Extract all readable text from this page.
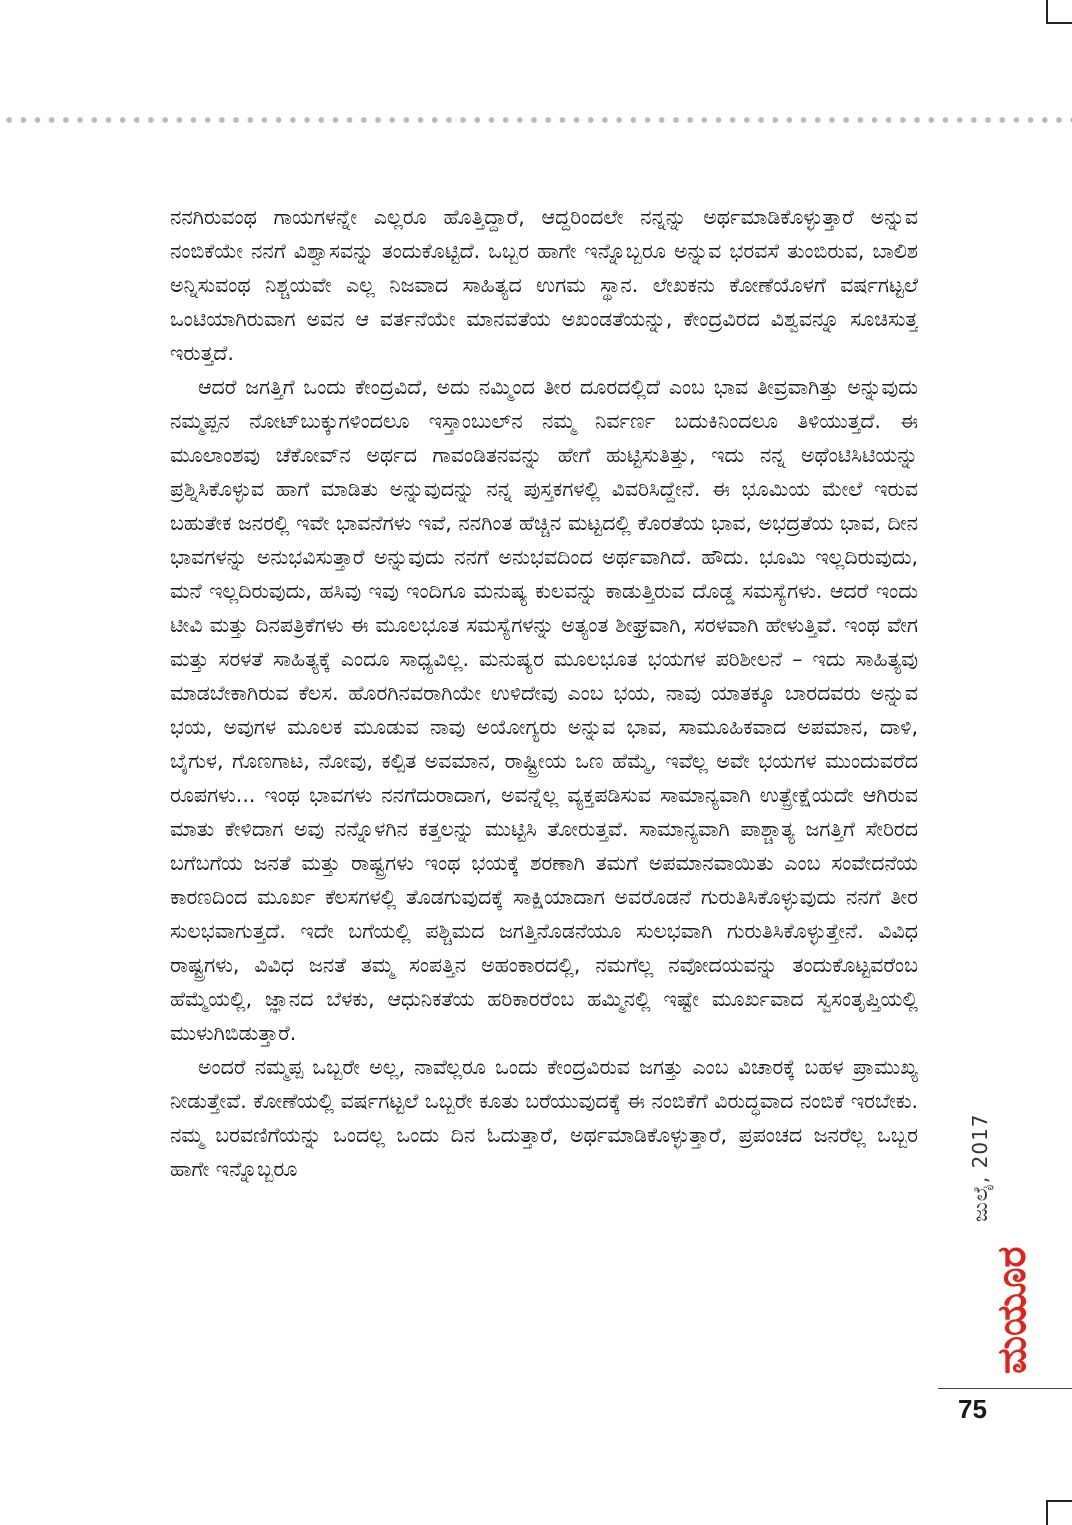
ನನಗಿರುವಂಥ ಗಾಯಗಳನ್ನೇ ಎಲ್ಲರೂ ಹೊತ್ತಿದ್ದಾರೆ, ಆದ್ದರಿಂದಲೇ ನನ್ನನ್ನು ಅರ್ಥಮಾಡಿಕೊಳ್ಳುತ್ತಾರೆ ಅನ್ನುವ ನಂಬಿಕೆಯೇ ನನಗೆ ವಿಶ್ವಾಸವನ್ನು ತಂದುಕೊಟ್ಟಿದೆ. ಒಬ್ಬರ ಹಾಗೇ ಇನ್ನೊಬ್ಬರೂ ಅನ್ನುವ ಭರವಸೆ ತುಂಬಿರುವ, ಬಾಲಿಶ ಅನ್ನಿಸುವಂಥ ನಿಶ್ಚಯವೇ ಎಲ್ಲ ನಿಜವಾದ ಸಾಹಿತ್ಯದ ಉಗಮ ಸ್ಥಾನ. ಲೇಖಕನು ಕೋಣೆಯೊಳಗೆ ವರ್ಷಗಟ್ಟಲೆ ಒಂಟಿಯಾಗಿರುವಾಗ ಅವನ ಆ ವರ್ತನೆಯೇ ಮಾನವತೆಯ ಅಖಂಡತೆಯನ್ನು, ಕೇಂದ್ರವಿರದ ವಿಶ್ವವನ್ನೂ ಸೂಚಿಸುತ್ತ ಇರುತ್ತದೆ.

ಆದರೆ ಜಗತ್ತಿಗೆ ಒಂದು ಕೇಂದ್ರವಿದೆ, ಅದು ನಮ್ಮಿಂದ ತೀರ ದೂರದಲ್ಲಿದೆ ಎಂಬ ಭಾವ ತೀವ್ರವಾಗಿತ್ತು ಅನ್ನುವುದು ನಮ್ಮಪ್ಪನ ನೋಟ್‌ಬುಕ್ಕುಗಳಿಂದಲೂ ಇಸ್ತಾಂಬುಲ್‌ನ ನಮ್ಮ ನಿರ್ವರ್ಣ ಬದುಕಿನಿಂದಲೂ ತಿಳಿಯುತ್ತದೆ. ಈ ಮೂಲಾಂಶವು ಚೆಕೋವ್‌ನ ಅರ್ಥದ ಗಾವಂಡಿತನವನ್ನು ಹೇಗೆ ಹುಟ್ಟಿಸುತಿತ್ತು, ಇದು ನನ್ನ ಅಥೆಂಟಿಸಿಟಿಯನ್ನು ಪ್ರಶ್ನಿಸಿಕೊಳ್ಳುವ ಹಾಗೆ ಮಾಡಿತು ಅನ್ನುವುದನ್ನು ನನ್ನ ಪುಸ್ತಕಗಳಲ್ಲಿ ವಿವರಿಸಿದ್ದೇನೆ. ಈ ಭೂಮಿಯ ಮೇಲೆ ಇರುವ ಬಹುತೇಕ ಜನರಲ್ಲಿ ಇವೇ ಭಾವನೆಗಳು ಇವೆ, ನನಗಿಂತ ಹೆಚ್ಚಿನ ಮಟ್ಟದಲ್ಲಿ ಕೊರತೆಯ ಭಾವ, ಅಭದ್ರತೆಯ ಭಾವ, ದೀನ ಭಾವಗಳನ್ನು ಅನುಭವಿಸುತ್ತಾರೆ ಅನ್ನುವುದು ನನಗೆ ಅನುಭವದಿಂದ ಅರ್ಥವಾಗಿದೆ. ಹೌದು. ಭೂಮಿ ಇಲ್ಲದಿರುವುದು, ಮನೆ ಇಲ್ಲದಿರುವುದು, ಹಸಿವು ಇವು ಇಂದಿಗೂ ಮನುಷ್ಯ ಕುಲವನ್ನು ಕಾಡುತ್ತಿರುವ ದೊಡ್ಡ ಸಮಸ್ಯೆಗಳು. ಆದರೆ ಇಂದು ಟೀವಿ ಮತ್ತು ದಿನಪತ್ರಿಕೆಗಳು ಈ ಮೂಲಭೂತ ಸಮಸ್ಯೆಗಳನ್ನು ಅತ್ಯಂತ ಶೀಘ್ರವಾಗಿ, ಸರಳವಾಗಿ ಹೇಳುತ್ತಿವೆ. ಇಂಥ ವೇಗ ಮತ್ತು ಸರಳತೆ ಸಾಹಿತ್ಯಕ್ಕೆ ಎಂದೂ ಸಾಧ್ಯವಿಲ್ಲ. ಮನುಷ್ಯರ ಮೂಲಭೂತ ಭಯಗಳ ಪರಿಶೀಲನೆ – ಇದು ಸಾಹಿತ್ಯವು ಮಾಡಬೇಕಾಗಿರುವ ಕೆಲಸ. ಹೊರಗಿನವರಾಗಿಯೇ ಉಳಿದೇವು ಎಂಬ ಭಯ, ನಾವು ಯಾತಕ್ಕೂ ಬಾರದವರು ಅನ್ನುವ ಭಯ, ಅವುಗಳ ಮೂಲಕ ಮೂಡುವ ನಾವು ಅಯೋಗ್ಯರು ಅನ್ನುವ ಭಾವ, ಸಾಮೂಹಿಕವಾದ ಅಪಮಾನ, ದಾಳಿ, ಬೈಗುಳ, ಗೊಣಗಾಟ, ನೋವು, ಕಲ್ಪಿತ ಅವಮಾನ, ರಾಷ್ಟ್ರೀಯ ಒಣ ಹೆಮ್ಮೆ, ಇವೆಲ್ಲ ಅವೇ ಭಯಗಳ ಮುಂದುವರೆದ ರೂಪಗಳು... ಇಂಥ ಭಾವಗಳು ನನಗೆದುರಾದಾಗ, ಅವನ್ನೆಲ್ಲ ವ್ಯಕ್ತಪಡಿಸುವ ಸಾಮಾನ್ಯವಾಗಿ ಉತ್ಪ್ರೇಕ್ಷೆಯದೇ ಆಗಿರುವ ಮಾತು ಕೇಳಿದಾಗ ಅವು ನನ್ನೊಳಗಿನ ಕತ್ತಲನ್ನು ಮುಟ್ಟಿಸಿ ತೋರುತ್ತವೆ. ಸಾಮಾನ್ಯವಾಗಿ ಪಾಶ್ಚಾತ್ಯ ಜಗತ್ತಿಗೆ ಸೇರಿರದ ಬಗೆಬಗೆಯ ಜನತೆ ಮತ್ತು ರಾಷ್ಟ್ರಗಳು ಇಂಥ ಭಯಕ್ಕೆ ಶರಣಾಗಿ ತಮಗೆ ಅಪಮಾನವಾಯಿತು ಎಂಬ ಸಂವೇದನೆಯ ಕಾರಣದಿಂದ ಮೂರ್ಖ ಕೆಲಸಗಳಲ್ಲಿ ತೊಡಗುವುದಕ್ಕೆ ಸಾಕ್ಷಿಯಾದಾಗ ಅವರೊಡನೆ ಗುರುತಿಸಿಕೊಳ್ಳುವುದು ನನಗೆ ತೀರ ಸುಲಭವಾಗುತ್ತದೆ. ಇದೇ ಬಗೆಯಲ್ಲಿ ಪಶ್ಚಿಮದ ಜಗತ್ತಿನೊಡನೆಯೂ ಸುಲಭವಾಗಿ ಗುರುತಿಸಿಕೊಳ್ಳುತ್ತೇನೆ. ವಿವಿಧ ರಾಷ್ಟ್ರಗಳು, ವಿವಿಧ ಜನತೆ ತಮ್ಮ ಸಂಪತ್ತಿನ ಅಹಂಕಾರದಲ್ಲಿ, ನಮಗೆಲ್ಲ ನವೋದಯವನ್ನು ತಂದುಕೊಟ್ಟವರೆಂಬ ಹೆಮ್ಮೆಯಲ್ಲಿ, ಜ್ಞಾನದ ಬೆಳಕು, ಆಧುನಿಕತೆಯ ಹರಿಕಾರರೆಂಬ ಹಮ್ಮಿನಲ್ಲಿ ಇಷ್ಟೇ ಮೂರ್ಖವಾದ ಸ್ವಸಂತೃಪ್ತಿಯಲ್ಲಿ ಮುಳುಗಿಬಿಡುತ್ತಾರೆ.

ಅಂದರೆ ನಮ್ಮಪ್ಪ ಒಬ್ಬರೇ ಅಲ್ಲ, ನಾವೆಲ್ಲರೂ ಒಂದು ಕೇಂದ್ರವಿರುವ ಜಗತ್ತು ಎಂಬ ವಿಚಾರಕ್ಕೆ ಬಹಳ ಪ್ರಾಮುಖ್ಯ ನೀಡುತ್ತೇವೆ. ಕೋಣೆಯಲ್ಲಿ ವರ್ಷಗಟ್ಟಲೆ ಒಬ್ಬರೇ ಕೂತು ಬರೆಯುವುದಕ್ಕೆ ಈ ನಂಬಿಕೆಗೆ ವಿರುದ್ಧವಾದ ನಂಬಿಕೆ ಇರಬೇಕು. ನಮ್ಮ ಬರವಣಿಗೆಯನ್ನು ಒಂದಲ್ಲ ಒಂದು ದಿನ ಓದುತ್ತಾರೆ, ಅರ್ಥಮಾಡಿಕೊಳ್ಳುತ್ತಾರೆ, ಪ್ರಪಂಚದ ಜನರೆಲ್ಲ ಒಬ್ಬರ ಹಾಗೇ ಇನ್ನೊಬ್ಬರೂ	ಜುಲೈ, 2017
ಮಯೂರ
75
